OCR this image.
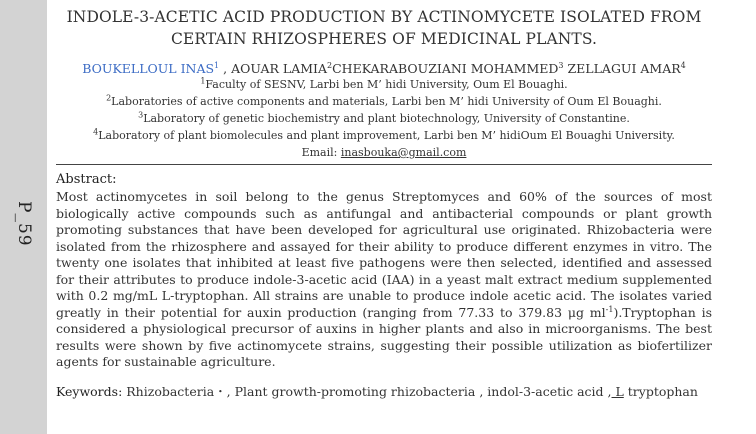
P_59
INDOLE-3-ACETIC ACID PRODUCTION BY ACTINOMYCETE ISOLATED FROM CERTAIN RHIZOSPHERES OF MEDICINAL PLANTS.
BOUKELLOUL INAS$^1$ , AOUAR LAMIA$^2$CHEKARABOUZIANI MOHAMMED$^3$ ZELLAGUI AMAR$^4$
$^1$Faculty of SESNV, Larbi ben M’ hidi University, Oum El Bouaghi.
$^2$Laboratories of active components and materials, Larbi ben M’ hidi University of Oum El Bouaghi.
$^3$Laboratory of genetic biochemistry and plant biotechnology, University of Constantine.
$^4$Laboratory of plant biomolecules and plant improvement, Larbi ben M’ hidiOum El Bouaghi University.
Email: inasbouka@gmail.com
Abstract:
Most actinomycetes in soil belong to the genus Streptomyces and 60% of the sources of most biologically active compounds such as antifungal and antibacterial compounds or plant growth promoting substances that have been developed for agricultural use originated. Rhizobacteria were isolated from the rhizosphere and assayed for their ability to produce different enzymes in vitro. The twenty one isolates that inhibited at least five pathogens were then selected, identified and assessed for their attributes to produce indole-3-acetic acid (IAA) in a yeast malt extract medium supplemented with 0.2 mg/mL L-tryptophan. All strains are unable to produce indole acetic acid. The isolates varied greatly in their potential for auxin production (ranging from 77.33 to 379.83 μg $ml^{-1}).Tryptophan$ is considered a physiological precursor of auxins in higher plants and also in microorganisms. The best results were shown by five actinomycete strains, suggesting their possible utilization as biofertilizer agents for sustainable agriculture.
Keywords: Rhizobacteria・, Plant growth-promoting rhizobacteria , indol-3-acetic acid , L tryptophan
